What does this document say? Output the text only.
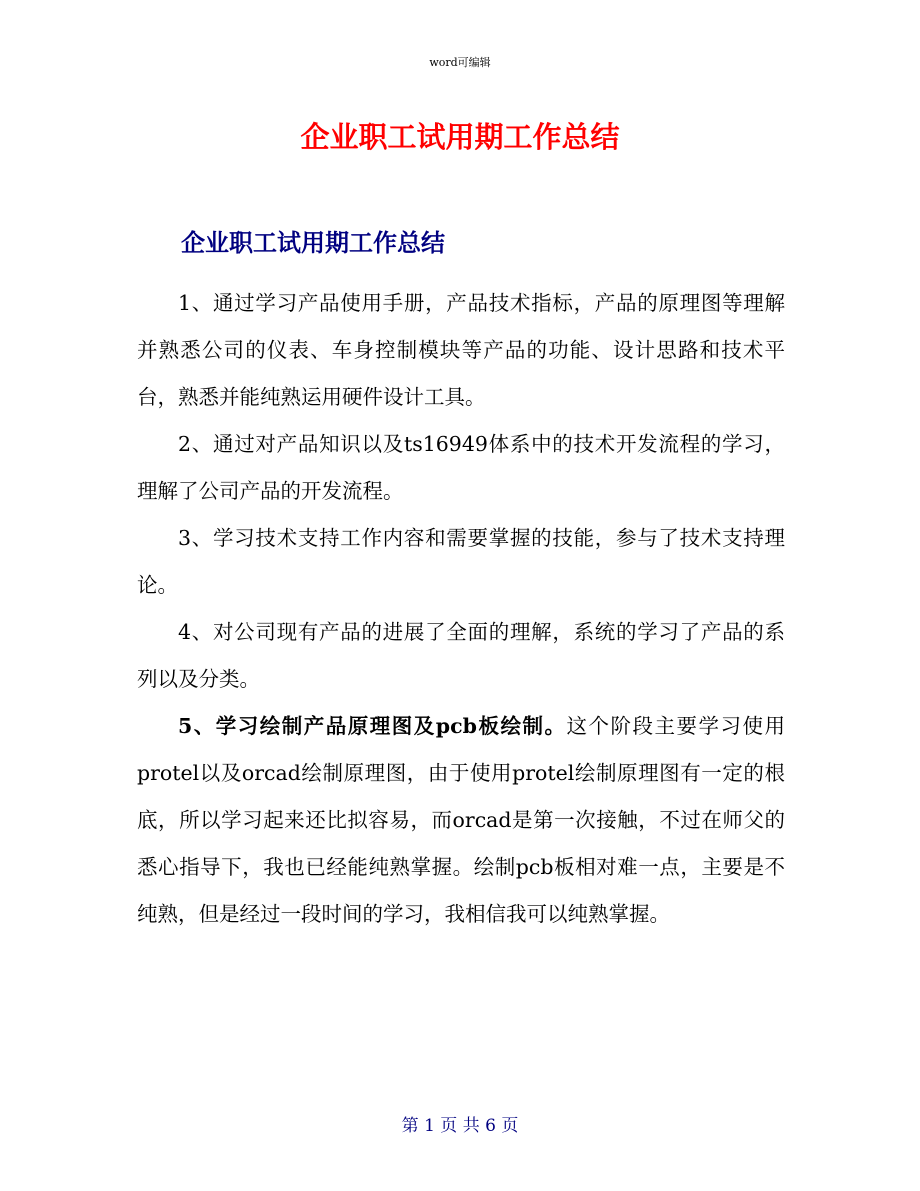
word可编辑
企业职工试用期工作总结
企业职工试用期工作总结

1、通过学习产品使用手册，产品技术指标，产品的原理图等理解并熟悉公司的仪表、车身控制模块等产品的功能、设计思路和技术平台，熟悉并能纯熟运用硬件设计工具。

2、通过对产品知识以及ts16949体系中的技术开发流程的学习，理解了公司产品的开发流程。

3、学习技术支持工作内容和需要掌握的技能，参与了技术支持理论。

4、对公司现有产品的进展了全面的理解，系统的学习了产品的系列以及分类。

5、学习绘制产品原理图及pcb板绘制。这个阶段主要学习使用protel以及orcad绘制原理图，由于使用protel绘制原理图有一定的根底，所以学习起来还比拟容易，而orcad是第一次接触，不过在师父的悉心指导下，我也已经能纯熟掌握。绘制pcb板相对难一点，主要是不纯熟，但是经过一段时间的学习，我相信我可以纯熟掌握。

第 1 页 共 6 页
